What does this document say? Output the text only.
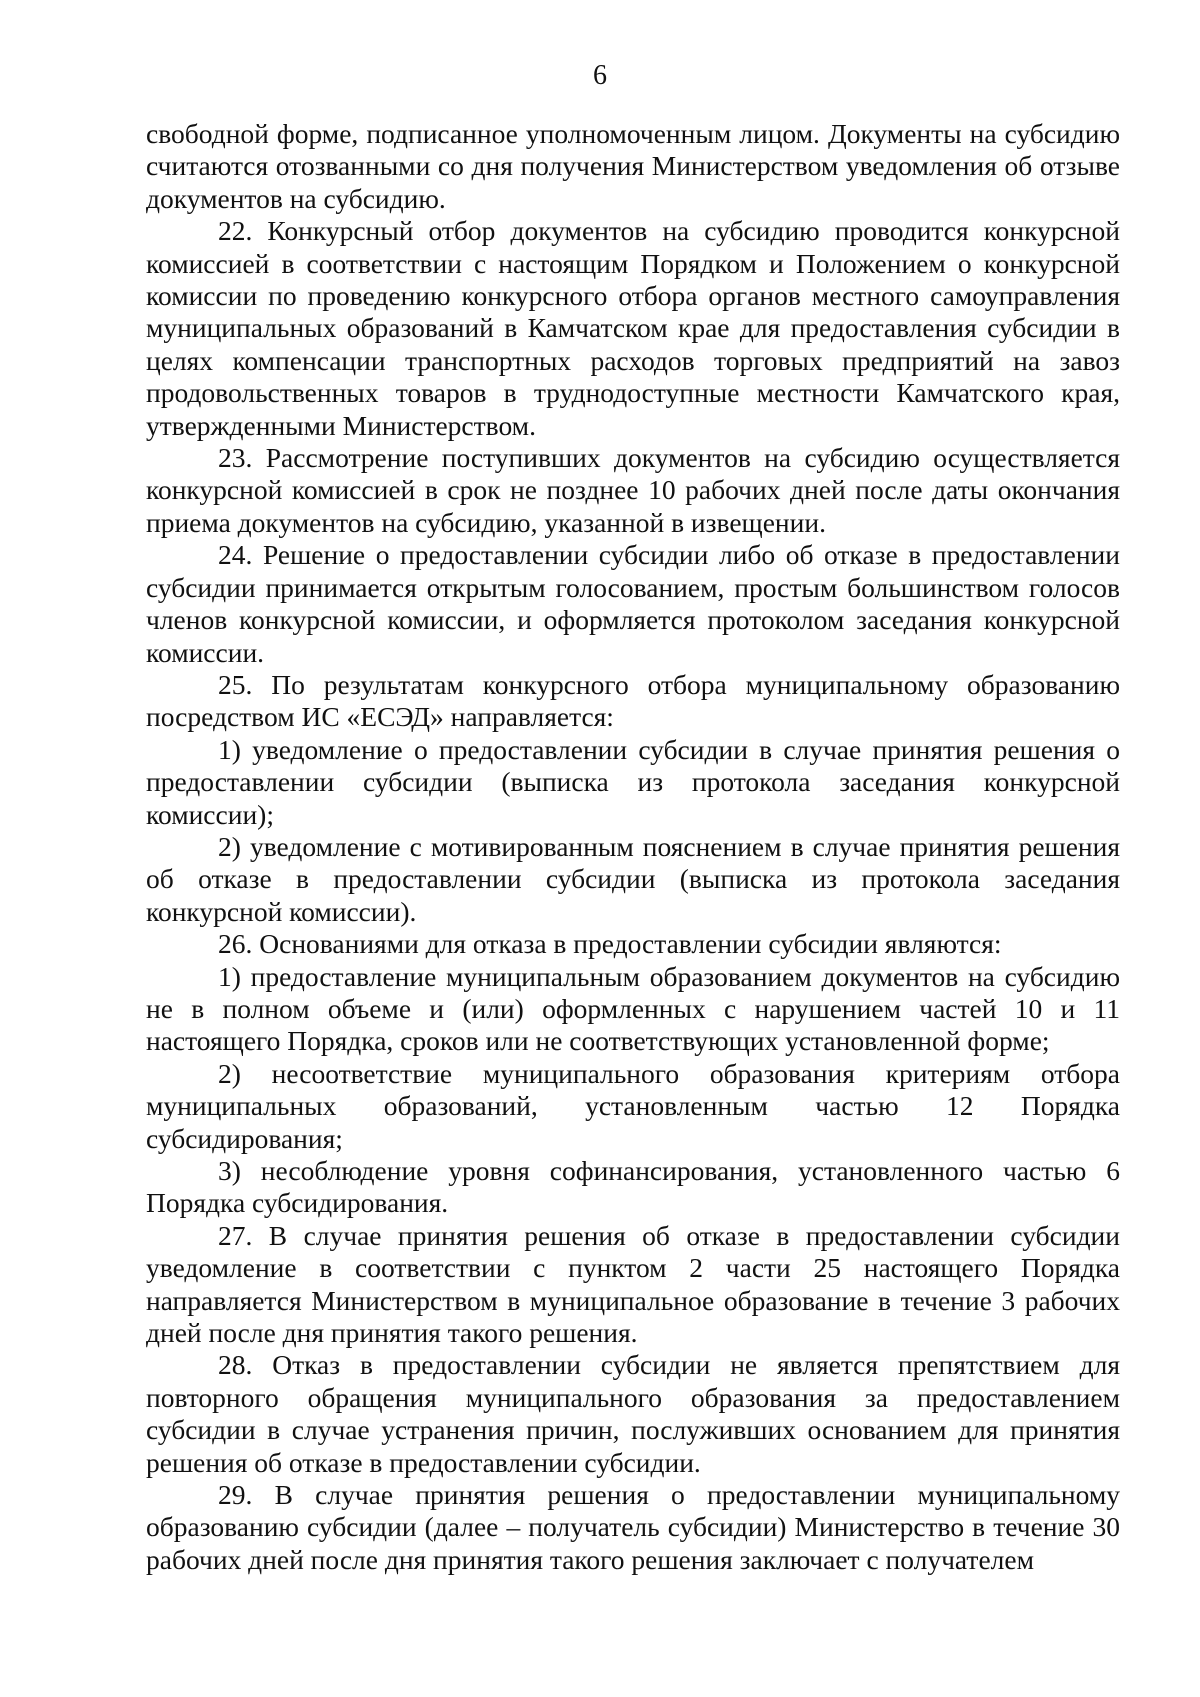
6

свободной форме, подписанное уполномоченным лицом. Документы на субсидию считаются отозванными со дня получения Министерством уведомления об отзыве документов на субсидию.

22. Конкурсный отбор документов на субсидию проводится конкурсной комиссией в соответствии с настоящим Порядком и Положением о конкурсной комиссии по проведению конкурсного отбора органов местного самоуправления муниципальных образований в Камчатском крае для предоставления субсидии в целях компенсации транспортных расходов торговых предприятий на завоз продовольственных товаров в труднодоступные местности Камчатского края, утвержденными Министерством.

23. Рассмотрение поступивших документов на субсидию осуществляется конкурсной комиссией в срок не позднее 10 рабочих дней после даты окончания приема документов на субсидию, указанной в извещении.

24. Решение о предоставлении субсидии либо об отказе в предоставлении субсидии принимается открытым голосованием, простым большинством голосов членов конкурсной комиссии, и оформляется протоколом заседания конкурсной комиссии.

25. По результатам конкурсного отбора муниципальному образованию посредством ИС «ЕСЭД» направляется:

1) уведомление о предоставлении субсидии в случае принятия решения о предоставлении субсидии (выписка из протокола заседания конкурсной комиссии);

2) уведомление с мотивированным пояснением в случае принятия решения об отказе в предоставлении субсидии (выписка из протокола заседания конкурсной комиссии).

26. Основаниями для отказа в предоставлении субсидии являются:

1) предоставление муниципальным образованием документов на субсидию не в полном объеме и (или) оформленных с нарушением частей 10 и 11 настоящего Порядка, сроков или не соответствующих установленной форме;

2) несоответствие муниципального образования критериям отбора муниципальных образований, установленным частью 12 Порядка субсидирования;

3) несоблюдение уровня софинансирования, установленного частью 6 Порядка субсидирования.

27. В случае принятия решения об отказе в предоставлении субсидии уведомление в соответствии с пунктом 2 части 25 настоящего Порядка направляется Министерством в муниципальное образование в течение 3 рабочих дней после дня принятия такого решения.

28. Отказ в предоставлении субсидии не является препятствием для повторного обращения муниципального образования за предоставлением субсидии в случае устранения причин, послуживших основанием для принятия решения об отказе в предоставлении субсидии.

29. В случае принятия решения о предоставлении муниципальному образованию субсидии (далее – получатель субсидии) Министерство в течение 30 рабочих дней после дня принятия такого решения заключает с получателем
